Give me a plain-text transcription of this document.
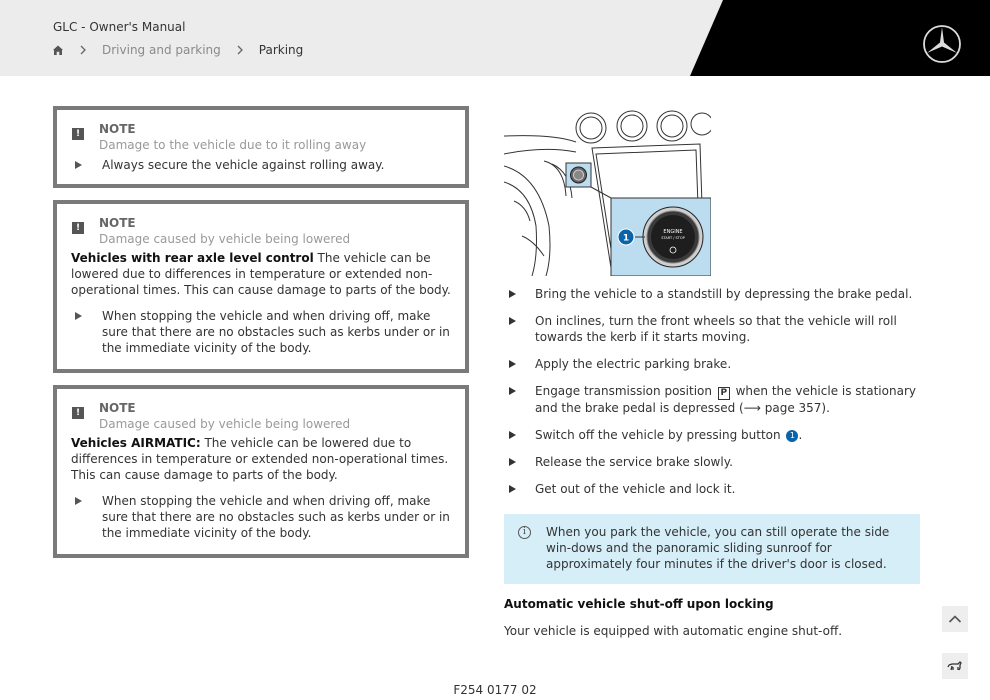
GLC - Owner's Manual
Driving and parking	Parking
!	NOTE
Damage to the vehicle due to it rolling away
Always secure the vehicle against rolling away.
!	NOTE
Damage caused by vehicle being lowered
Vehicles with rear axle level control The vehicle can be lowered due to differences in temperature or extended non-operational times. This can cause damage to parts of the body.
When stopping the vehicle and when driving off, make sure that there are no obstacles such as kerbs under or in the immediate vicinity of the body.
!	NOTE
Damage caused by vehicle being lowered
Vehicles AIRMATIC: The vehicle can be lowered due to differences in temperature or extended non-operational times. This can cause damage to parts of the body.
When stopping the vehicle and when driving off, make sure that there are no obstacles such as kerbs under or in the immediate vicinity of the body.
ENGINE
START / STOP
1
Bring the vehicle to a standstill by depressing the brake pedal.
On inclines, turn the front wheels so that the vehicle will roll towards the kerb if it starts moving.
Apply the electric parking brake.
Engage transmission position P when the vehicle is stationary and the brake pedal is depressed (⟶ page 357).
Switch off the vehicle by pressing button 1 .
Release the service brake slowly.
Get out of the vehicle and lock it.
i	When you park the vehicle, you can still operate the side win-dows and the panoramic sliding sunroof for approximately four minutes if the driver's door is closed.
Automatic vehicle shut-off upon locking
Your vehicle is equipped with automatic engine shut-off.
F254 0177 02
